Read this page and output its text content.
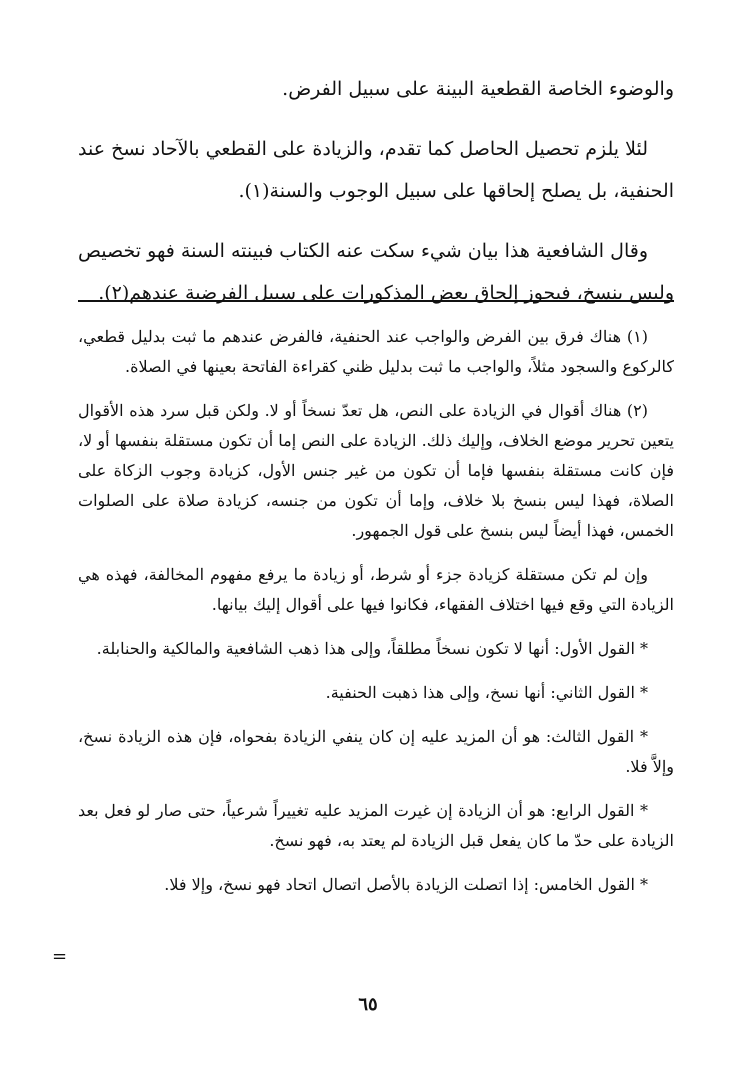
والوضوء الخاصة القطعية البينة على سبيل الفرض.

لئلا يلزم تحصيل الحاصل كما تقدم، والزيادة على القطعي بالآحاد نسخ عند الحنفية، بل يصلح إلحاقها على سبيل الوجوب والسنة(١).

وقال الشافعية هذا بيان شيء سكت عنه الكتاب فبينته السنة فهو تخصيص وليس بنسخ، فيجوز إلحاق بعض المذكورات على سبيل الفرضية عندهم(٢).

(١) هناك فرق بين الفرض والواجب عند الحنفية، فالفرض عندهم ما ثبت بدليل قطعي، كالركوع والسجود مثلاً، والواجب ما ثبت بدليل ظني كقراءة الفاتحة بعينها في الصلاة.

(٢) هناك أقوال في الزيادة على النص، هل تعدّ نسخاً أو لا. ولكن قبل سرد هذه الأقوال يتعين تحرير موضع الخلاف، وإليك ذلك. الزيادة على النص إما أن تكون مستقلة بنفسها أو لا، فإن كانت مستقلة بنفسها فإما أن تكون من غير جنس الأول، كزيادة وجوب الزكاة على الصلاة، فهذا ليس بنسخ بلا خلاف، وإما أن تكون من جنسه، كزيادة صلاة على الصلوات الخمس، فهذا أيضاً ليس بنسخ على قول الجمهور.

وإن لم تكن مستقلة كزيادة جزء أو شرط، أو زيادة ما يرفع مفهوم المخالفة، فهذه هي الزيادة التي وقع فيها اختلاف الفقهاء، فكانوا فيها على أقوال إليك بيانها.

* القول الأول: أنها لا تكون نسخاً مطلقاً، وإلى هذا ذهب الشافعية والمالكية والحنابلة.

* القول الثاني: أنها نسخ، وإلى هذا ذهبت الحنفية.

* القول الثالث: هو أن المزيد عليه إن كان ينفي الزيادة بفحواه، فإن هذه الزيادة نسخ، وإلاَّ فلا.

* القول الرابع: هو أن الزيادة إن غيرت المزيد عليه تغييراً شرعياً، حتى صار لو فعل بعد الزيادة على حدّ ما كان يفعل قبل الزيادة لم يعتد به، فهو نسخ.

* القول الخامس: إذا اتصلت الزيادة بالأصل اتصال اتحاد فهو نسخ، وإلا فلا.

=
٦٥
